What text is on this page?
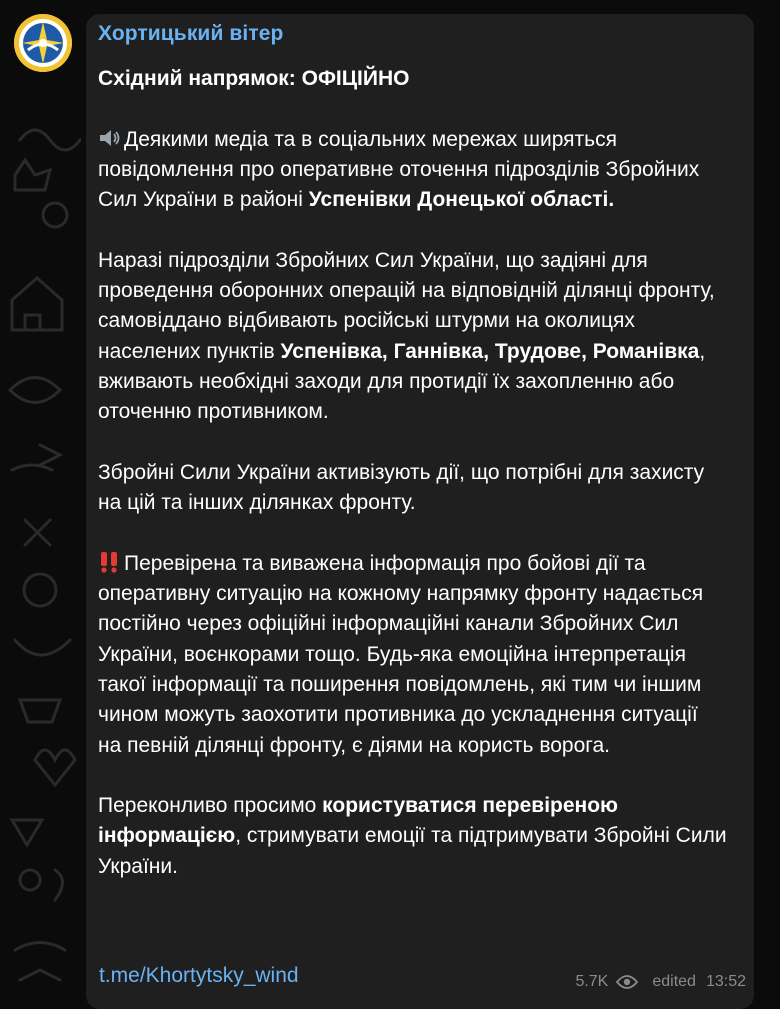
Хортицький вітер

Східний напрямок: ОФІЦІЙНО

Деякими медіа та в соціальних мережах ширяться

повідомлення про оперативне оточення підрозділів Збройних

Сил України в районі Успенівки Донецької області.

Наразі підрозділи Збройних Сил України, що задіяні для

проведення оборонних операцій на відповідній ділянці фронту,

самовіддано відбивають російські штурми на околицях

населених пунктів Успенівка, Ганнівка, Трудове, Романівка,

вживають необхідні заходи для протидії їх захопленню або

оточенню противником.

Збройні Сили України активізують дії, що потрібні для захисту

на цій та інших ділянках фронту.

Перевірена та виважена інформація про бойові дії та

оперативну ситуацію на кожному напрямку фронту надається

постійно через офіційні інформаційні канали Збройних Сил

України, воєнкорами тощо. Будь-яка емоційна інтерпретація

такої інформації та поширення повідомлень, які тим чи іншим

чином можуть заохотити противника до ускладнення ситуації

на певній ділянці фронту, є діями на користь ворога.

Переконливо просимо користуватися перевіреною

інформацією, стримувати емоції та підтримувати Збройні Сили

України.

t.me/Khortytsky_wind	5.7K	edited 13:52
